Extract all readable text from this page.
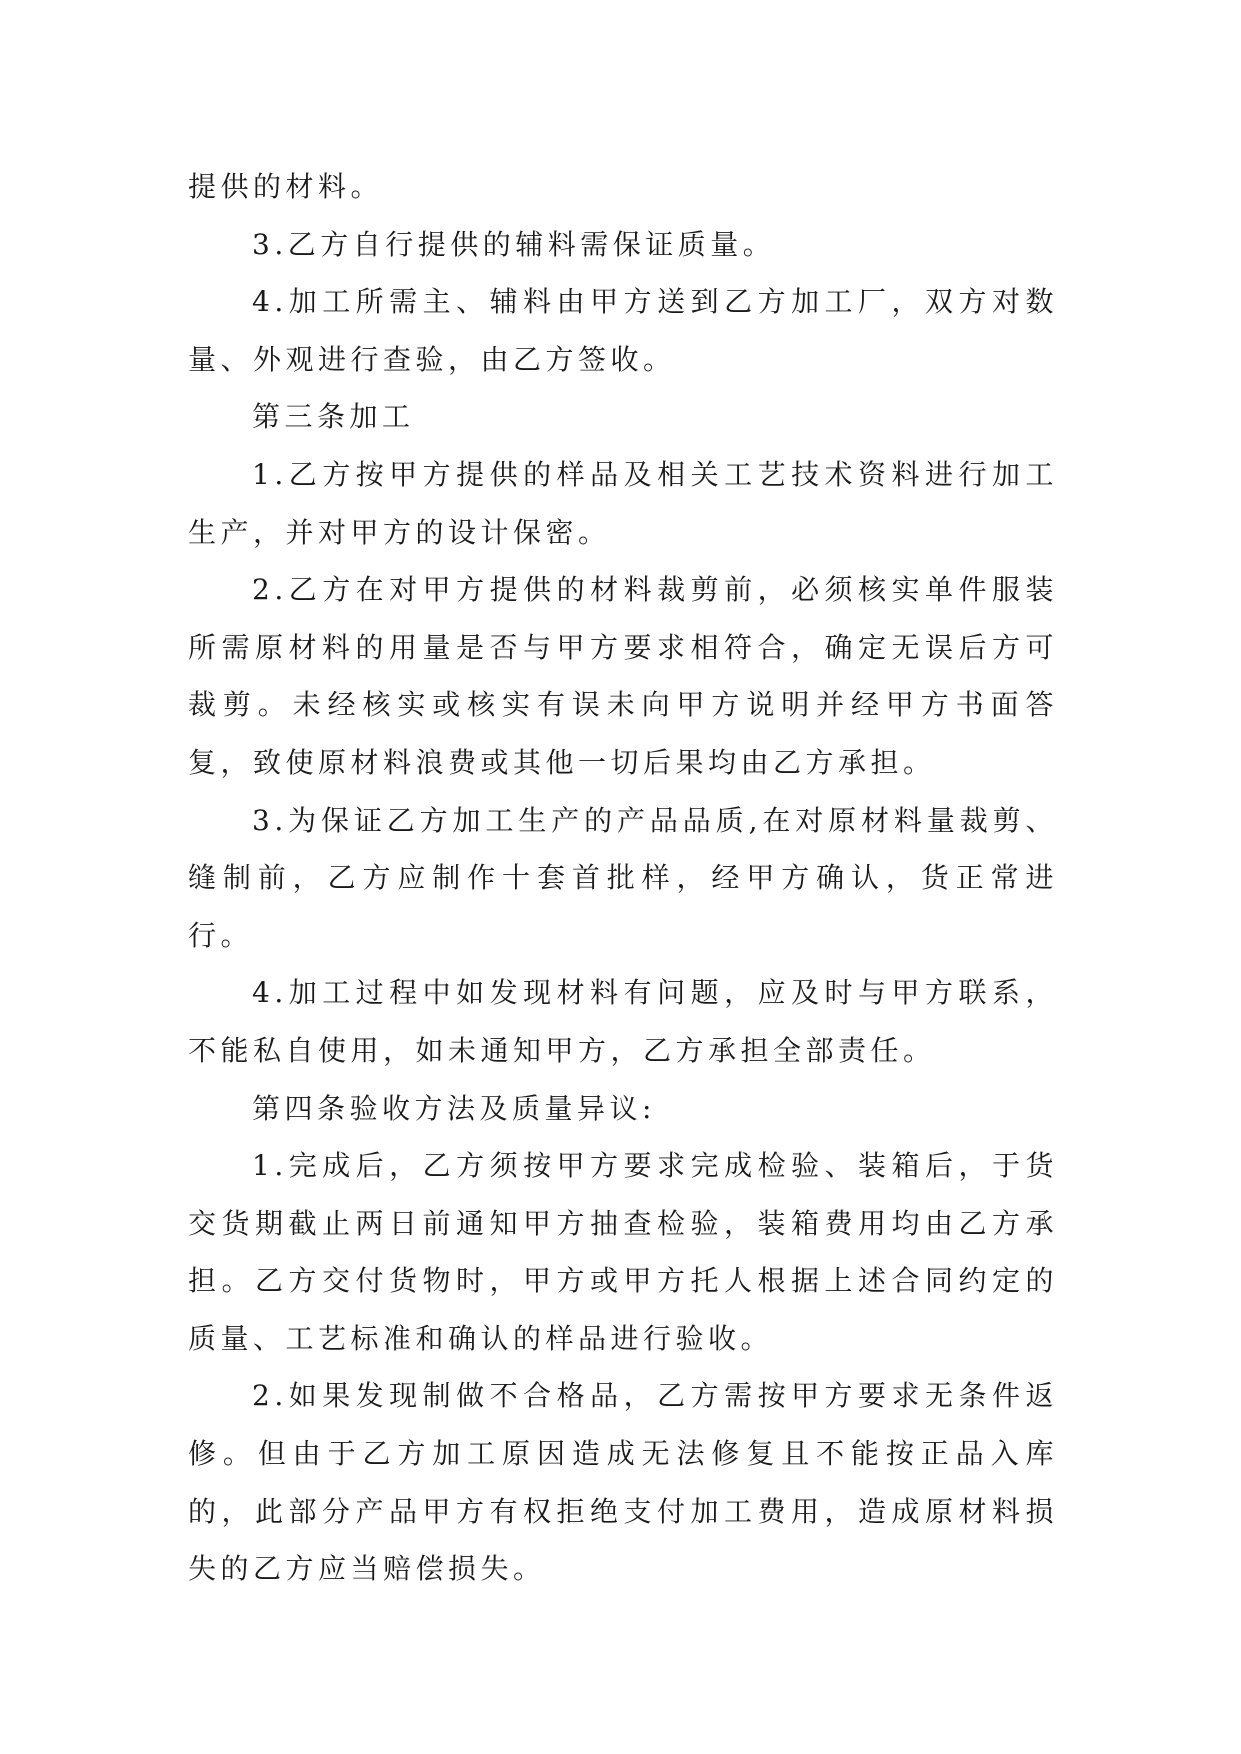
提供的材料。

3.乙方自行提供的辅料需保证质量。

4.加工所需主、辅料由甲方送到乙方加工厂，双方对数量、外观进行查验，由乙方签收。

第三条加工

1.乙方按甲方提供的样品及相关工艺技术资料进行加工生产，并对甲方的设计保密。

2.乙方在对甲方提供的材料裁剪前，必须核实单件服装所需原材料的用量是否与甲方要求相符合，确定无误后方可裁剪。未经核实或核实有误未向甲方说明并经甲方书面答复，致使原材料浪费或其他一切后果均由乙方承担。

3.为保证乙方加工生产的产品品质,在对原材料量裁剪、缝制前，乙方应制作十套首批样，经甲方确认，货正常进行。

4.加工过程中如发现材料有问题，应及时与甲方联系，不能私自使用，如未通知甲方，乙方承担全部责任。

第四条验收方法及质量异议:

1.完成后，乙方须按甲方要求完成检验、装箱后，于货交货期截止两日前通知甲方抽查检验，装箱费用均由乙方承担。乙方交付货物时，甲方或甲方托人根据上述合同约定的质量、工艺标准和确认的样品进行验收。

2.如果发现制做不合格品，乙方需按甲方要求无条件返修。但由于乙方加工原因造成无法修复且不能按正品入库的，此部分产品甲方有权拒绝支付加工费用，造成原材料损失的乙方应当赔偿损失。
